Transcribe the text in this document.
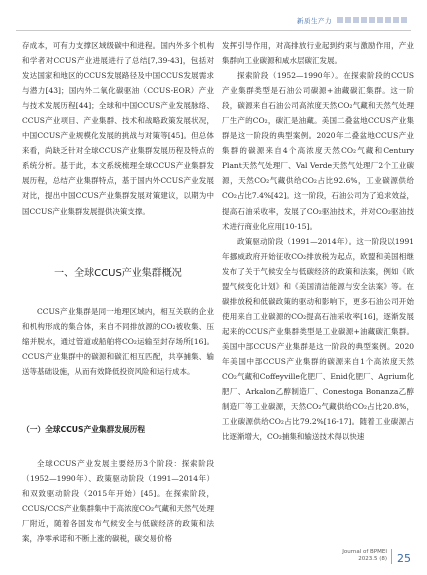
新质生产力

存成本，可有力支撑区域级碳中和进程。国内外多个机构和学者对CCUS产业进展进行了总结[7,39-43]，包括对发达国家和地区的CCUS发展路径及中国CCUS发展需求与潜力[43]；国内外二氧化碳驱油（CCUS-EOR）产业与技术发展历程[44]；全球和中国CCUS产业发展脉络、CCUS产业项目、产业集群、技术和战略政策发展状况，中国CCUS产业规模化发展的挑战与对策等[45]。但总体来看，尚缺乏针对全球CCUS产业集群发展历程及特点的系统分析。基于此，本文系统梳理全球CCUS产业集群发展历程，总结产业集群特点，基于国内外CCUS产业发展对比，提出中国CCUS产业集群发展对策建议，以期为中国CCUS产业集群发展提供决策支撑。

一、全球CCUS产业集群概况

CCUS产业集群是同一地理区域内，相互关联的企业和机构形成的集合体，来自不同排放源的CO₂被收集、压缩并脱水，通过管道或船舶将CO₂运输至封存场所[16]。CCUS产业集群中的碳源和碳汇相互匹配，共享捕集、输送等基础设施，从而有效降低投资风险和运行成本。

（一）全球CCUS产业集群发展历程

全球CCUS产业发展主要经历3个阶段：探索阶段（1952—1990年）、政策驱动阶段（1991—2014年）和双致驱动阶段（2015年开始）[45]。在探索阶段，CCUS/CCS产业集群集中于高浓度CO₂气藏和天然气处理厂附近，随着各国发布气候安全与低碳经济的政策和法案，净零承诺和不断上涨的碳税，碳交易价格

发挥引导作用，对高排放行业起到约束与激励作用，产业集群向工业碳源和咸水层碳汇发展。

探索阶段（1952—1990年）。在探索阶段的CCUS产业集群类型是石油公司碳源+油藏碳汇集群。这一阶段，碳源来自石油公司高浓度天然CO₂气藏和天然气处理厂生产的CO₂，碳汇是油藏。美国二叠盆地CCUS产业集群是这一阶段的典型案例。2020年二叠盆地CCUS产业集群的碳源来自4个高浓度天然CO₂气藏和Century Plant天然气处理厂、Val Verde天然气处理厂2个工业碳源，天然CO₂气藏供给CO₂占比92.6%，工业碳源供给CO₂占比7.4%[42]。这一阶段，石油公司为了追求效益，提高石油采收率，发展了CO₂驱油技术，并对CO₂驱油技术进行商业化应用[10-15]。

政策驱动阶段（1991—2014年）。这一阶段以1991年挪威政府开始征收CO₂排放税为起点，欧盟和美国相继发布了关于气候安全与低碳经济的政策和法案，例如《欧盟气候变化计划》和《美国清洁能源与安全法案》等。在碳排放税和低碳政策的驱动和影响下，更多石油公司开始使用来自工业碳源的CO₂提高石油采收率[16]，逐渐发展起来的CCUS产业集群类型是工业碳源+油藏碳汇集群。美国中部CCUS产业集群是这一阶段的典型案例。2020年美国中部CCUS产业集群的碳源来自1个高浓度天然CO₂气藏和Coffeyville化肥厂、Enid化肥厂、Agrium化肥厂、Arkalon乙醇制造厂、Conestoga Bonanza乙醇制造厂等工业碳源，天然CO₂气藏供给CO₂占比20.8%，工业碳源供给CO₂占比79.2%[16-17]。随着工业碳源占比逐渐增大，CO₂捕集和输送技术得以快速

Journal of BPMEI
2023.5 (8) 25
